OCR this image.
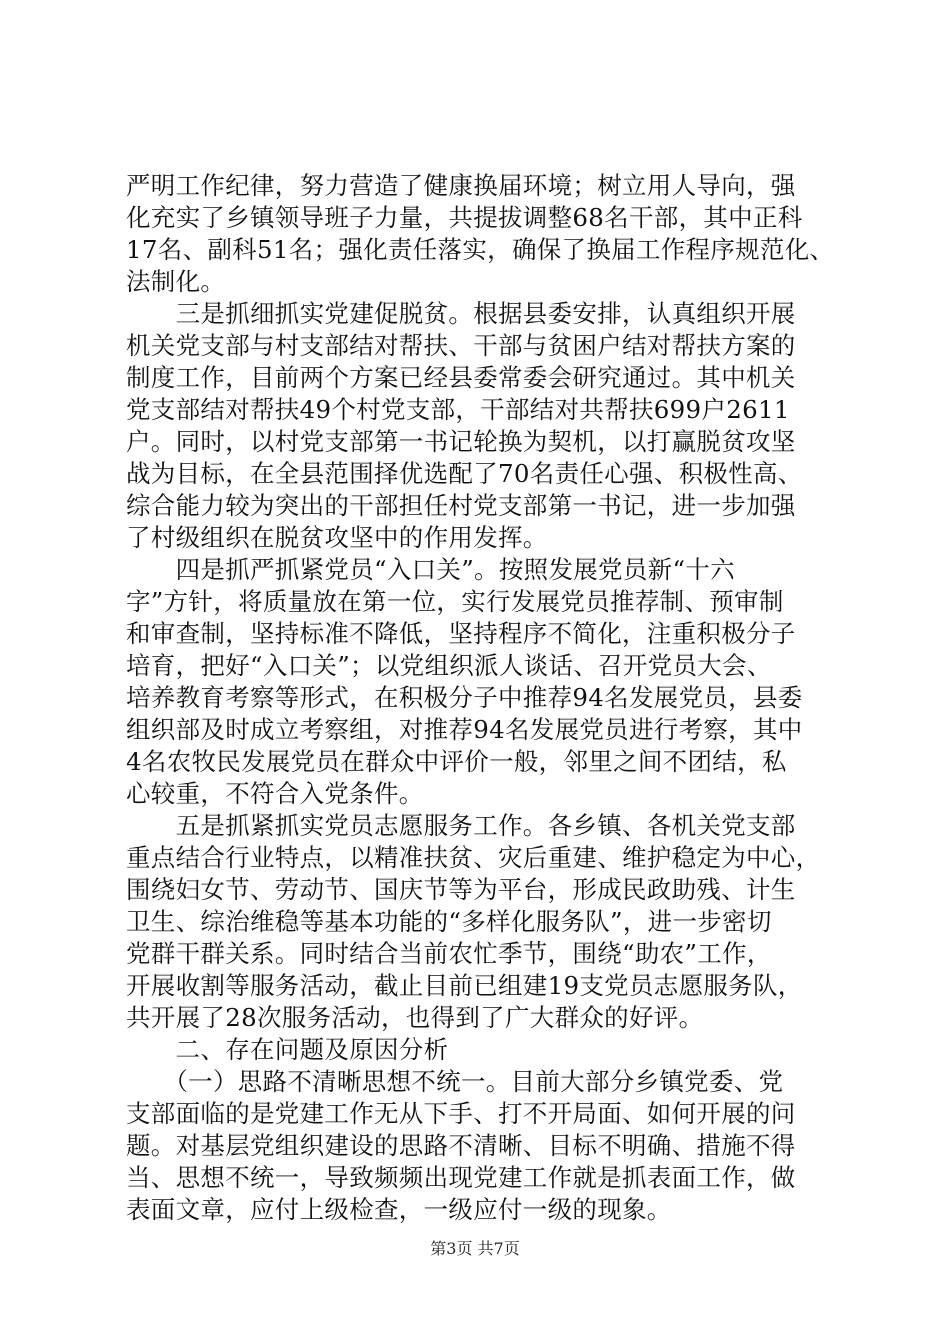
严明工作纪律，努力营造了健康换届环境；树立用人导向，强
化充实了乡镇领导班子力量，共提拔调整68名干部，其中正科
17名、副科51名；强化责任落实，确保了换届工作程序规范化、
法制化。
　　三是抓细抓实党建促脱贫。根据县委安排，认真组织开展
机关党支部与村支部结对帮扶、干部与贫困户结对帮扶方案的
制度工作，目前两个方案已经县委常委会研究通过。其中机关
党支部结对帮扶49个村党支部，干部结对共帮扶699户2611
户。同时，以村党支部第一书记轮换为契机，以打赢脱贫攻坚
战为目标，在全县范围择优选配了70名责任心强、积极性高、
综合能力较为突出的干部担任村党支部第一书记，进一步加强
了村级组织在脱贫攻坚中的作用发挥。
　　四是抓严抓紧党员“入口关”。按照发展党员新“十六
字”方针，将质量放在第一位，实行发展党员推荐制、预审制
和审查制，坚持标准不降低，坚持程序不简化，注重积极分子
培育，把好“入口关”；以党组织派人谈话、召开党员大会、
培养教育考察等形式，在积极分子中推荐94名发展党员，县委
组织部及时成立考察组，对推荐94名发展党员进行考察，其中
4名农牧民发展党员在群众中评价一般，邻里之间不团结，私
心较重，不符合入党条件。
　　五是抓紧抓实党员志愿服务工作。各乡镇、各机关党支部
重点结合行业特点，以精准扶贫、灾后重建、维护稳定为中心，
围绕妇女节、劳动节、国庆节等为平台，形成民政助残、计生
卫生、综治维稳等基本功能的“多样化服务队”，进一步密切
党群干群关系。同时结合当前农忙季节，围绕“助农”工作，
开展收割等服务活动，截止目前已组建19支党员志愿服务队，
共开展了28次服务活动，也得到了广大群众的好评。
　　二、存在问题及原因分析
　　（一）思路不清晰思想不统一。目前大部分乡镇党委、党
支部面临的是党建工作无从下手、打不开局面、如何开展的问
题。对基层党组织建设的思路不清晰、目标不明确、措施不得
当、思想不统一，导致频频出现党建工作就是抓表面工作，做
表面文章，应付上级检查，一级应付一级的现象。
第3页 共7页
